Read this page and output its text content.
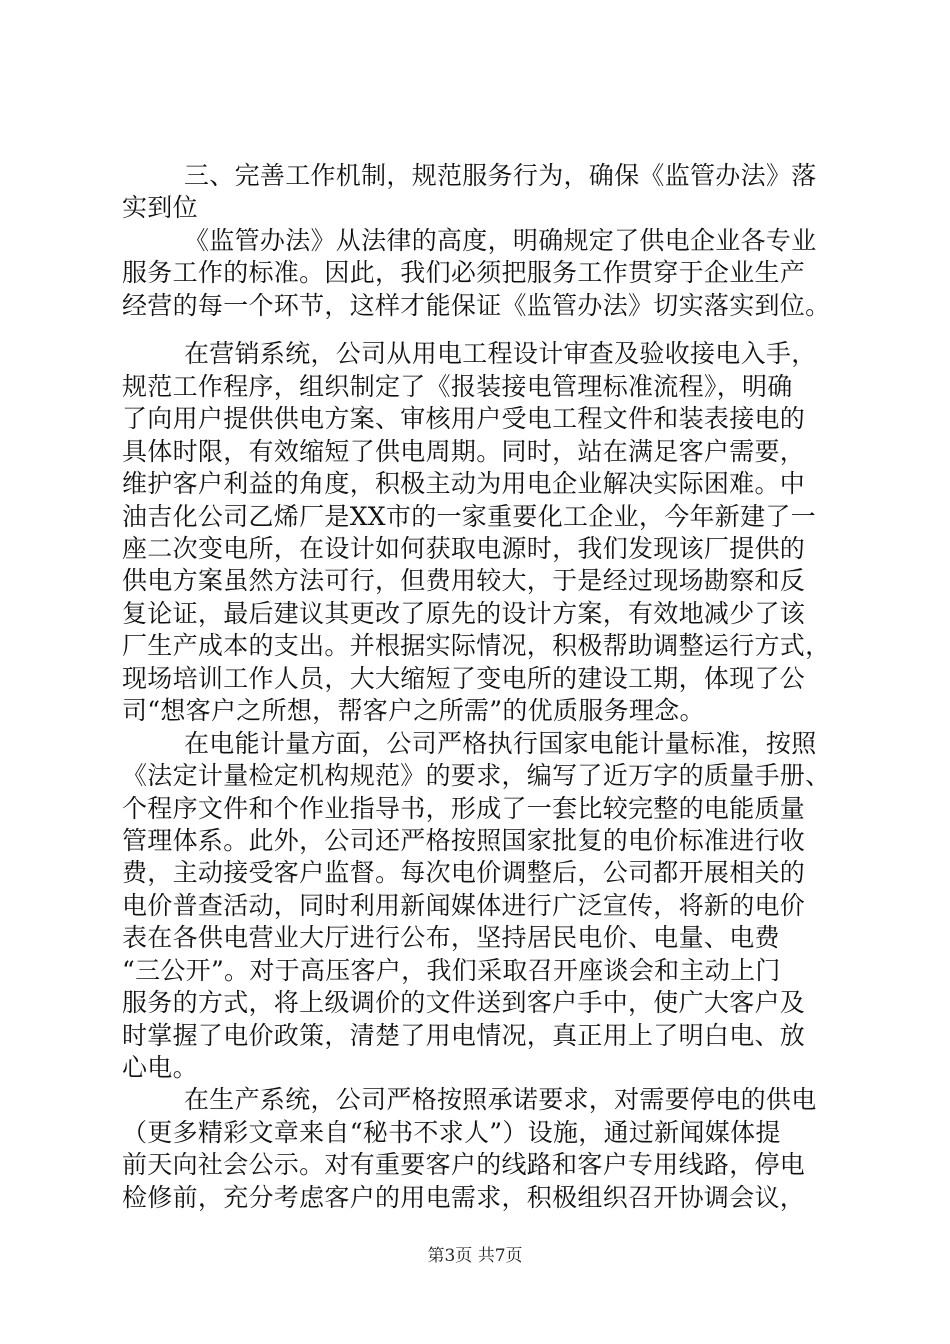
三、完善工作机制，规范服务行为，确保《监管办法》落
实到位
《监管办法》从法律的高度，明确规定了供电企业各专业
服务工作的标准。因此，我们必须把服务工作贯穿于企业生产
经营的每一个环节，这样才能保证《监管办法》切实落实到位。
在营销系统，公司从用电工程设计审查及验收接电入手，
规范工作程序，组织制定了《报装接电管理标准流程》，明确
了向用户提供供电方案、审核用户受电工程文件和装表接电的
具体时限，有效缩短了供电周期。同时，站在满足客户需要，
维护客户利益的角度，积极主动为用电企业解决实际困难。中
油吉化公司乙烯厂是XX市的一家重要化工企业，今年新建了一
座二次变电所，在设计如何获取电源时，我们发现该厂提供的
供电方案虽然方法可行，但费用较大，于是经过现场勘察和反
复论证，最后建议其更改了原先的设计方案，有效地减少了该
厂生产成本的支出。并根据实际情况，积极帮助调整运行方式，
现场培训工作人员，大大缩短了变电所的建设工期，体现了公
司“想客户之所想，帮客户之所需”的优质服务理念。
在电能计量方面，公司严格执行国家电能计量标准，按照
《法定计量检定机构规范》的要求，编写了近万字的质量手册、
个程序文件和个作业指导书，形成了一套比较完整的电能质量
管理体系。此外，公司还严格按照国家批复的电价标准进行收
费，主动接受客户监督。每次电价调整后，公司都开展相关的
电价普查活动，同时利用新闻媒体进行广泛宣传，将新的电价
表在各供电营业大厅进行公布，坚持居民电价、电量、电费
“三公开”。对于高压客户，我们采取召开座谈会和主动上门
服务的方式，将上级调价的文件送到客户手中，使广大客户及
时掌握了电价政策，清楚了用电情况，真正用上了明白电、放
心电。
在生产系统，公司严格按照承诺要求，对需要停电的供电
（更多精彩文章来自“秘书不求人”）设施，通过新闻媒体提
前天向社会公示。对有重要客户的线路和客户专用线路，停电
检修前，充分考虑客户的用电需求，积极组织召开协调会议，
第3页 共7页
